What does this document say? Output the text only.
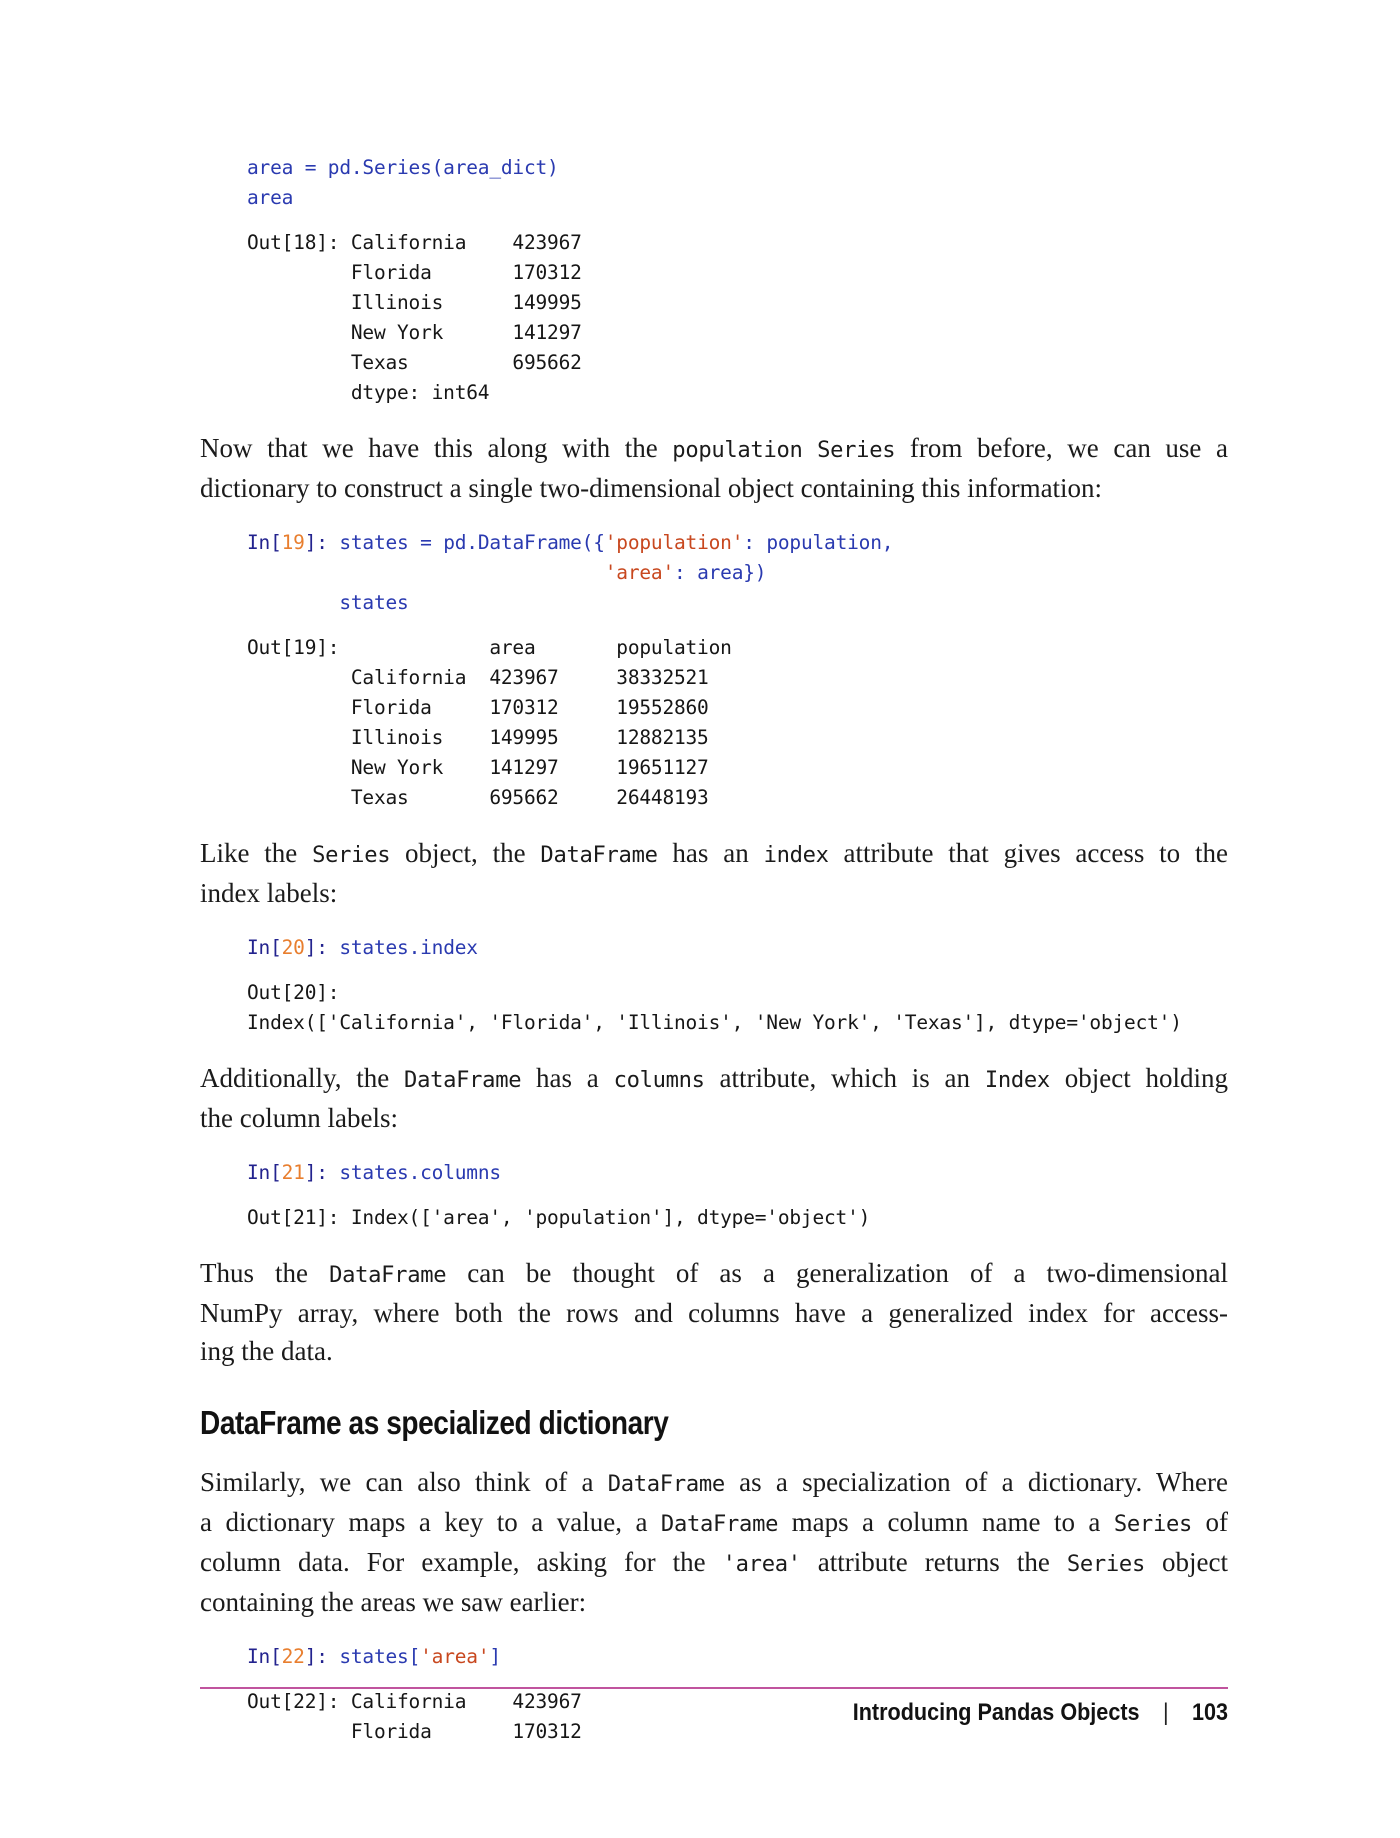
area = pd.Series(area_dict)
area
Out[18]: California    423967
Florida       170312
Illinois      149995
New York      141297
Texas         695662
dtype: int64
Now that we have this along with the population Series from before, we can use a
dictionary to construct a single two-dimensional object containing this information:
In[19]: states = pd.DataFrame({'population': population,
'area': area})
states
Out[19]:             area       population
California  423967     38332521
Florida     170312     19552860
Illinois    149995     12882135
New York    141297     19651127
Texas       695662     26448193
Like the Series object, the DataFrame has an index attribute that gives access to the
index labels:
In[20]: states.index
Out[20]:
Index(['California', 'Florida', 'Illinois', 'New York', 'Texas'], dtype='object')
Additionally, the DataFrame has a columns attribute, which is an Index object holding
the column labels:
In[21]: states.columns
Out[21]: Index(['area', 'population'], dtype='object')
Thus the DataFrame can be thought of as a generalization of a two-dimensional
NumPy array, where both the rows and columns have a generalized index for access-
ing the data.
DataFrame as specialized dictionary
Similarly, we can also think of a DataFrame as a specialization of a dictionary. Where
a dictionary maps a key to a value, a DataFrame maps a column name to a Series of
column data. For example, asking for the 'area' attribute returns the Series object
containing the areas we saw earlier:
In[22]: states['area']
Out[22]: California    423967
Florida       170312
Introducing Pandas Objects | 103
